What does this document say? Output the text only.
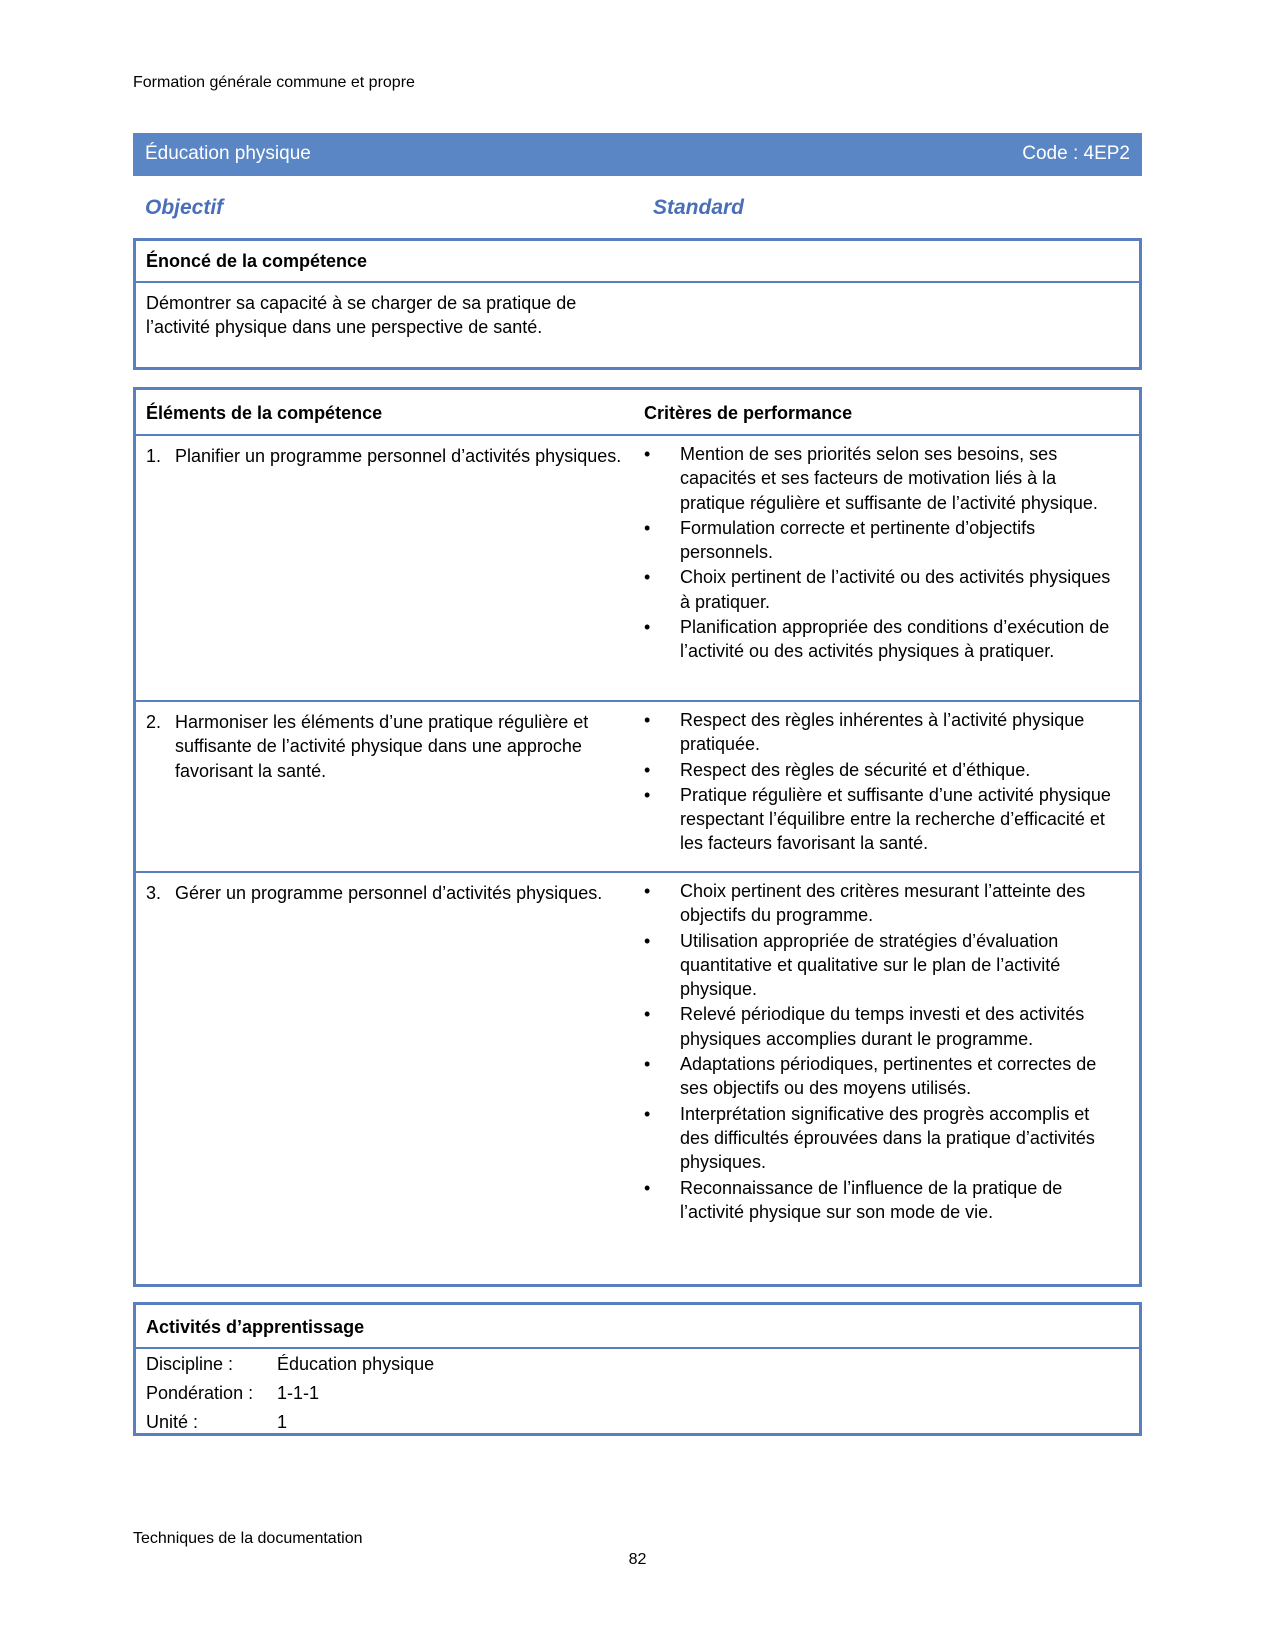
Formation générale commune et propre
Éducation physique	Code : 4EP2
Objectif	Standard
Énoncé de la compétence
Démontrer sa capacité à se charger de sa pratique de l’activité physique dans une perspective de santé.
Éléments de la compétence	Critères de performance
1. Planifier un programme personnel d’activités physiques. • Mention de ses priorités selon ses besoins, ses capacités et ses facteurs de motivation liés à la pratique régulière et suffisante de l’activité physique.
• Formulation correcte et pertinente d’objectifs personnels.
• Choix pertinent de l’activité ou des activités physiques à pratiquer.
• Planification appropriée des conditions d’exécution de l’activité ou des activités physiques à pratiquer.
2. Harmoniser les éléments d’une pratique régulière et suffisante de l’activité physique dans une approche favorisant la santé.
• Respect des règles inhérentes à l’activité physique pratiquée.
• Respect des règles de sécurité et d’éthique.
• Pratique régulière et suffisante d’une activité physique respectant l’équilibre entre la recherche d’efficacité et les facteurs favorisant la santé.
3. Gérer un programme personnel d’activités physiques.	• Choix pertinent des critères mesurant l’atteinte des objectifs du programme.
• Utilisation appropriée de stratégies d’évaluation quantitative et qualitative sur le plan de l’activité physique.
• Relevé périodique du temps investi et des activités physiques accomplies durant le programme.
• Adaptations périodiques, pertinentes et correctes de ses objectifs ou des moyens utilisés.
• Interprétation significative des progrès accomplis et des difficultés éprouvées dans la pratique d’activités physiques.
• Reconnaissance de l’influence de la pratique de l’activité physique sur son mode de vie.
Activités d’apprentissage
Discipline : Éducation physique
Pondération : 1-1-1
Unité :	1
Techniques de la documentation
82
